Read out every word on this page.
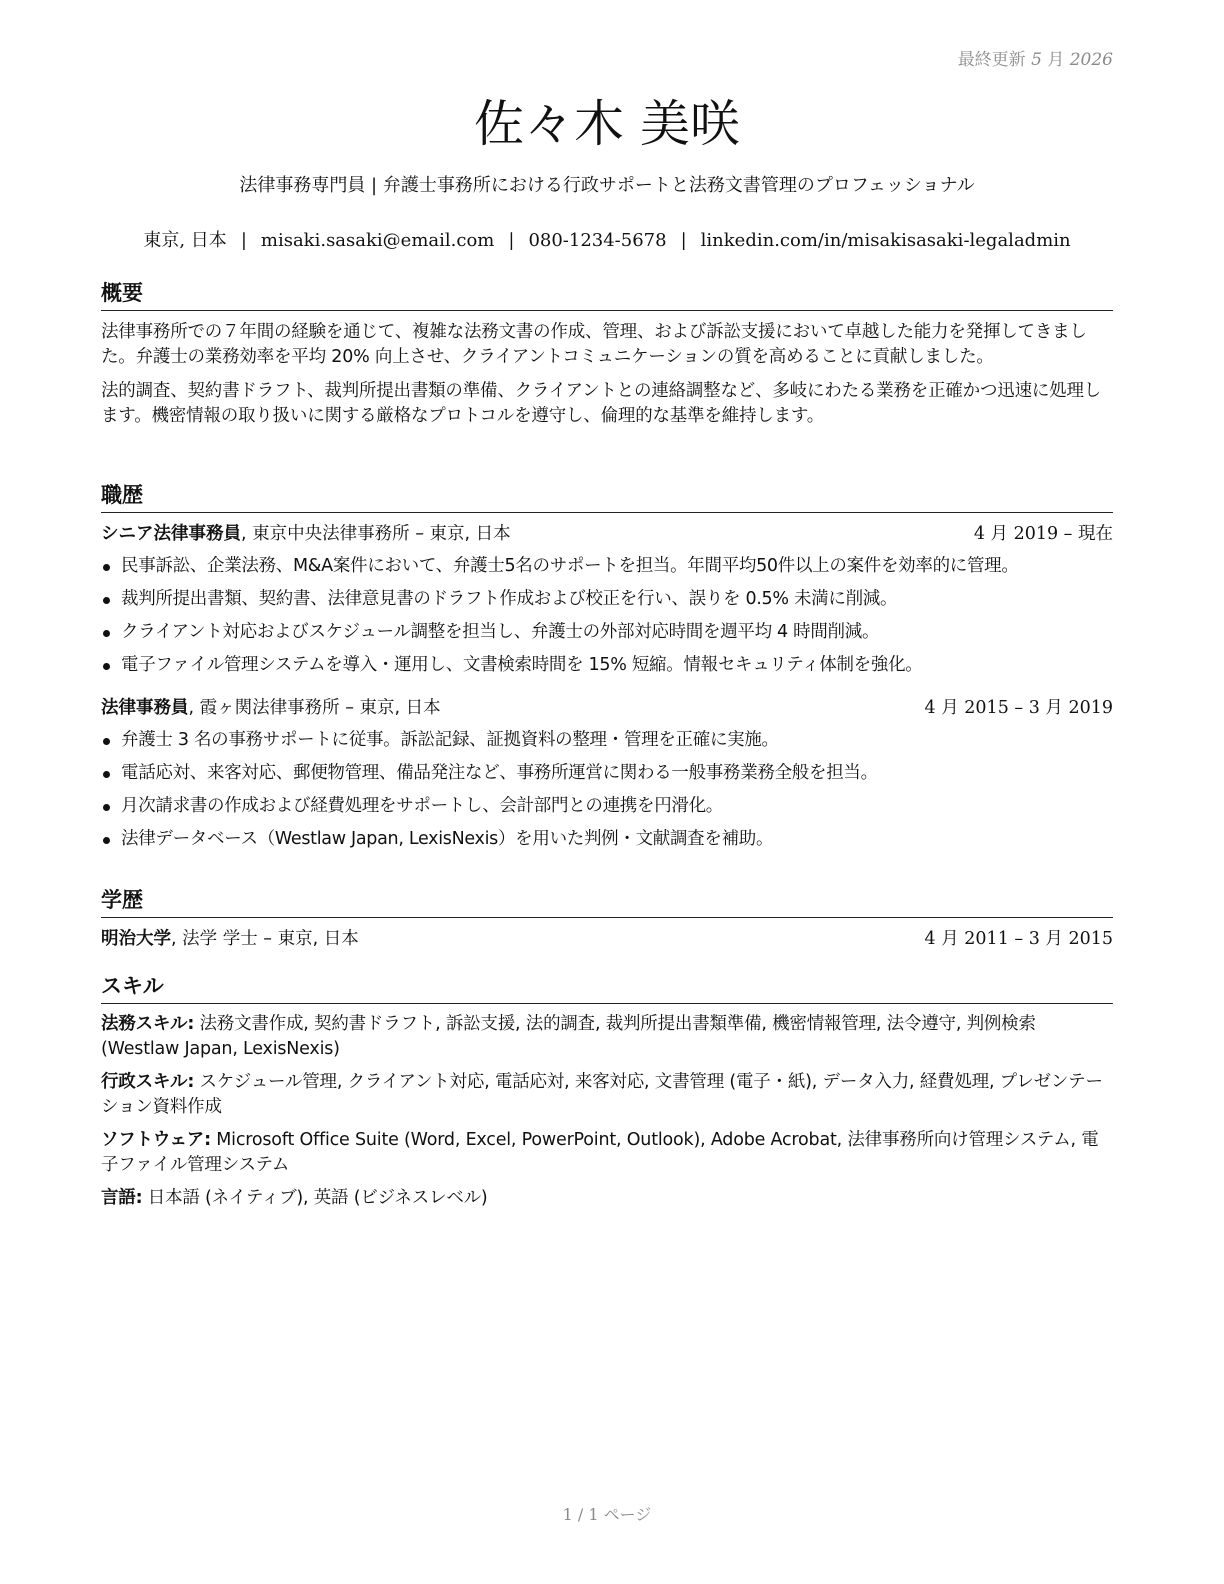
最終更新 5 月 2026
佐々木 美咲

法律事務専門員 | 弁護士事務所における行政サポートと法務文書管理のプロフェッショナル

東京, 日本 | misaki.sasaki@email.com | 080-1234-5678 | linkedin.com/in/misakisasaki-legaladmin

概要

法律事務所での７年間の経験を通じて、複雑な法務文書の作成、管理、および訴訟支援において卓越した能力を発揮してきました。弁護士の業務効率を平均 20% 向上させ、クライアントコミュニケーションの質を高めることに貢献しました。

法的調査、契約書ドラフト、裁判所提出書類の準備、クライアントとの連絡調整など、多岐にわたる業務を正確かつ迅速に処理します。機密情報の取り扱いに関する厳格なプロトコルを遵守し、倫理的な基準を維持します。

職歴
シニア法律事務員, 東京中央法律事務所 – 東京, 日本	4 月 2019 – 現在
民事訴訟、企業法務、M&A案件において、弁護士5名のサポートを担当。年間平均50件以上の案件を効率的に管理。
裁判所提出書類、契約書、法律意見書のドラフト作成および校正を行い、誤りを 0.5% 未満に削減。
クライアント対応およびスケジュール調整を担当し、弁護士の外部対応時間を週平均 4 時間削減。
電子ファイル管理システムを導入・運用し、文書検索時間を 15% 短縮。情報セキュリティ体制を強化。
法律事務員, 霞ヶ関法律事務所 – 東京, 日本	4 月 2015 – 3 月 2019
弁護士 3 名の事務サポートに従事。訴訟記録、証拠資料の整理・管理を正確に実施。
電話応対、来客対応、郵便物管理、備品発注など、事務所運営に関わる一般事務業務全般を担当。
月次請求書の作成および経費処理をサポートし、会計部門との連携を円滑化。
法律データベース（Westlaw Japan, LexisNexis）を用いた判例・文献調査を補助。
学歴
明治大学, 法学 学士 – 東京, 日本	4 月 2011 – 3 月 2015
スキル
法務スキル: 法務文書作成, 契約書ドラフト, 訴訟支援, 法的調査, 裁判所提出書類準備, 機密情報管理, 法令遵守, 判例検索 (Westlaw Japan, LexisNexis)
行政スキル: スケジュール管理, クライアント対応, 電話応対, 来客対応, 文書管理 (電子・紙), データ入力, 経費処理, プレゼンテーション資料作成
ソフトウェア: Microsoft Office Suite (Word, Excel, PowerPoint, Outlook), Adobe Acrobat, 法律事務所向け管理システム, 電子ファイル管理システム
言語: 日本語 (ネイティブ), 英語 (ビジネスレベル)
1 / 1 ページ
